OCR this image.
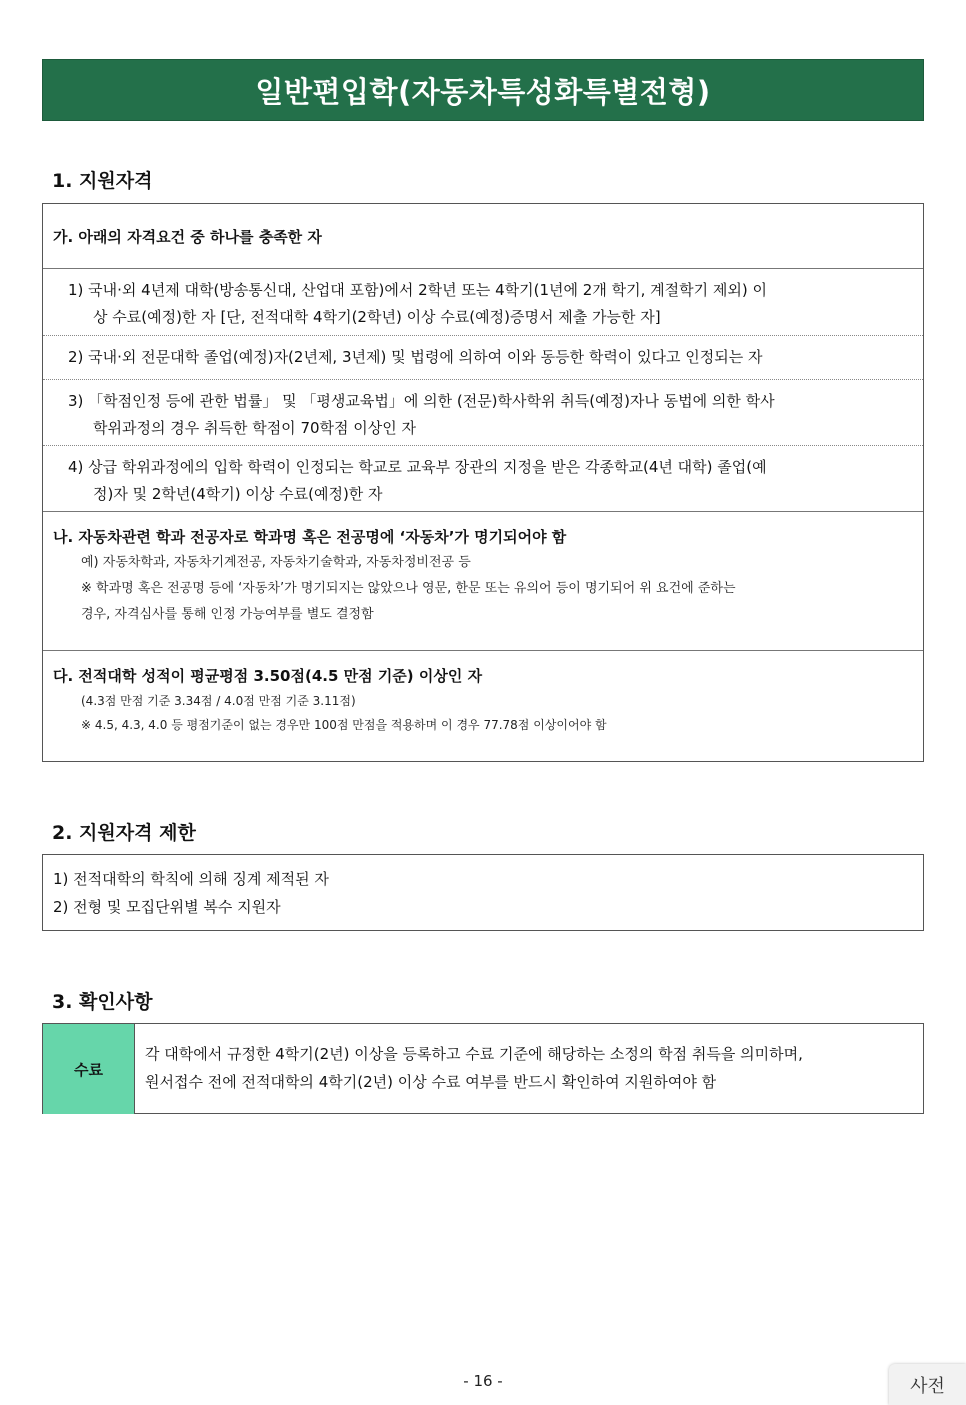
일반편입학(자동차특성화특별전형)
1. 지원자격
가. 아래의 자격요건 중 하나를 충족한 자
1) 국내·외 4년제 대학(방송통신대, 산업대 포함)에서 2학년 또는 4학기(1년에 2개 학기, 계절학기 제외) 이
상 수료(예정)한 자 [단, 전적대학 4학기(2학년) 이상 수료(예정)증명서 제출 가능한 자]
2) 국내·외 전문대학 졸업(예정)자(2년제, 3년제) 및 법령에 의하여 이와 동등한 학력이 있다고 인정되는 자
3) 「학점인정 등에 관한 법률」 및 「평생교육법」에 의한 (전문)학사학위 취득(예정)자나 동법에 의한 학사
학위과정의 경우 취득한 학점이 70학점 이상인 자
4) 상급 학위과정에의 입학 학력이 인정되는 학교로 교육부 장관의 지정을 받은 각종학교(4년 대학) 졸업(예
정)자 및 2학년(4학기) 이상 수료(예정)한 자
나. 자동차관련 학과 전공자로 학과명 혹은 전공명에 ‘자동차’가 명기되어야 함
예) 자동차학과, 자동차기계전공, 자동차기술학과, 자동차정비전공 등
※ 학과명 혹은 전공명 등에 ‘자동차’가 명기되지는 않았으나 영문, 한문 또는 유의어 등이 명기되어 위 요건에 준하는
경우, 자격심사를 통해 인정 가능여부를 별도 결정함
다. 전적대학 성적이 평균평점 3.50점(4.5 만점 기준) 이상인 자
(4.3점 만점 기준 3.34점 / 4.0점 만점 기준 3.11점)
※ 4.5, 4.3, 4.0 등 평점기준이 없는 경우만 100점 만점을 적용하며 이 경우 77.78점 이상이어야 함
2. 지원자격 제한
1) 전적대학의 학칙에 의해 징계 제적된 자
2) 전형 및 모집단위별 복수 지원자
3. 확인사항
수료
각 대학에서 규정한 4학기(2년) 이상을 등록하고 수료 기준에 해당하는 소정의 학점 취득을 의미하며,
원서접수 전에 전적대학의 4학기(2년) 이상 수료 여부를 반드시 확인하여 지원하여야 함
- 16 -	사전
